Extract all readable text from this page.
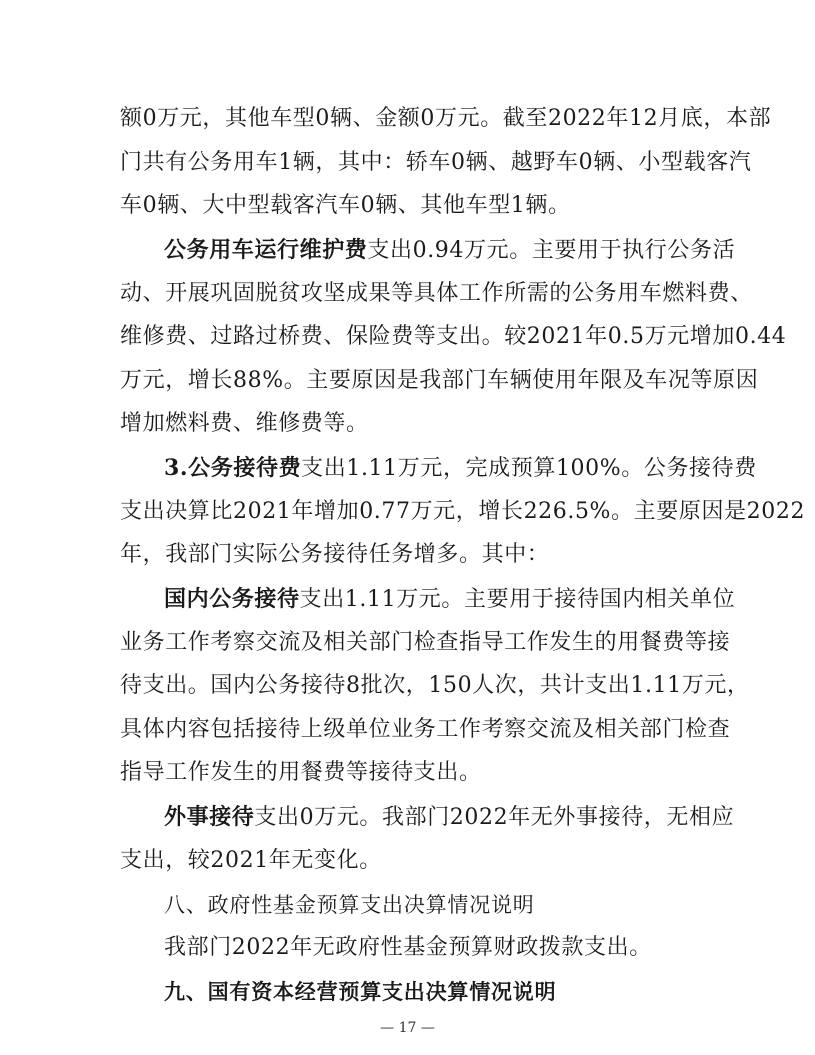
额0万元，其他车型0辆、金额0万元。截至2022年12月底，本部
门共有公务用车1辆，其中：轿车0辆、越野车0辆、小型载客汽
车0辆、大中型载客汽车0辆、其他车型1辆。
公务用车运行维护费支出0.94万元。主要用于执行公务活
动、开展巩固脱贫攻坚成果等具体工作所需的公务用车燃料费、
维修费、过路过桥费、保险费等支出。较2021年0.5万元增加0.44
万元，增长88%。主要原因是我部门车辆使用年限及车况等原因
增加燃料费、维修费等。
3.公务接待费支出1.11万元，完成预算100%。公务接待费
支出决算比2021年增加0.77万元，增长226.5%。主要原因是2022
年，我部门实际公务接待任务增多。其中：
国内公务接待支出1.11万元。主要用于接待国内相关单位
业务工作考察交流及相关部门检查指导工作发生的用餐费等接
待支出。国内公务接待8批次，150人次，共计支出1.11万元，
具体内容包括接待上级单位业务工作考察交流及相关部门检查
指导工作发生的用餐费等接待支出。
外事接待支出0万元。我部门2022年无外事接待，无相应
支出，较2021年无变化。
八、政府性基金预算支出决算情况说明
我部门2022年无政府性基金预算财政拨款支出。
九、国有资本经营预算支出决算情况说明
— 17 —
